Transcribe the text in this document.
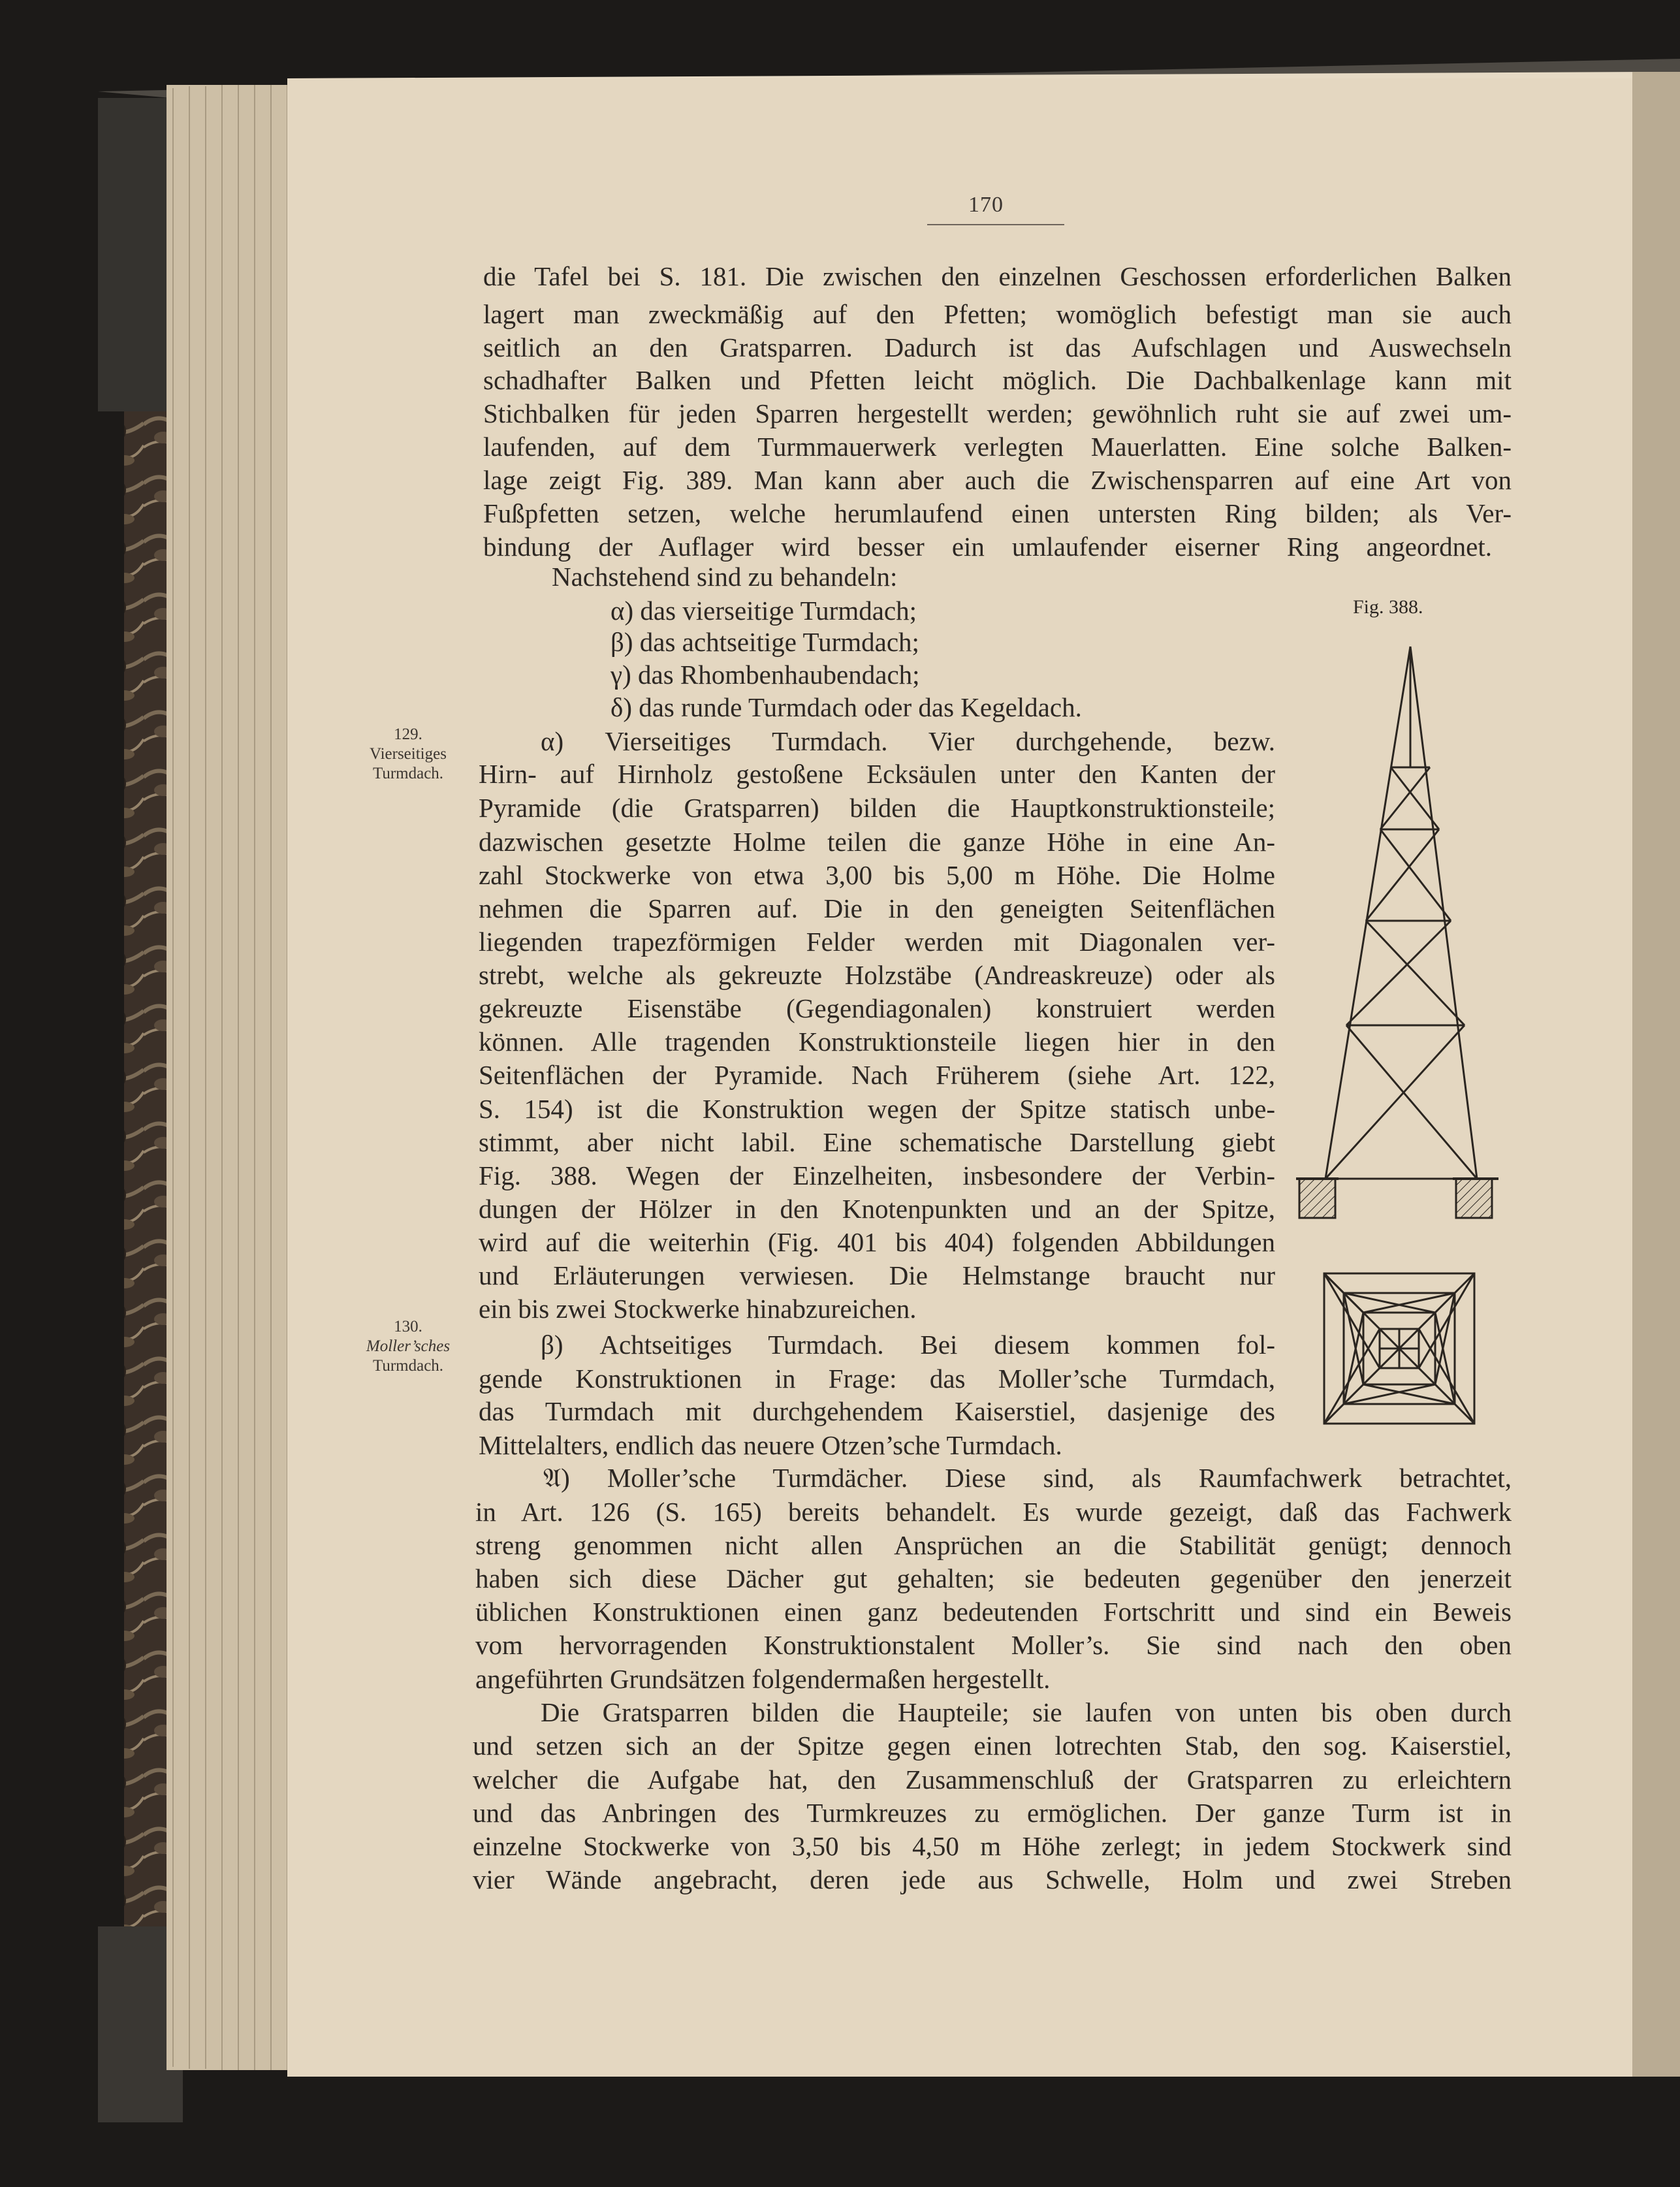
170
129.
Vierseitiges
Turmdach.
130.
Moller’sches
Turmdach.
die Tafel bei S. 181. Die zwischen den einzelnen Geschossen erforderlichen Balken
lagert man zweckmäßig auf den Pfetten; womöglich befestigt man sie auch
seitlich an den Gratsparren. Dadurch ist das Aufschlagen und Auswechseln
schadhafter Balken und Pfetten leicht möglich. Die Dachbalkenlage kann mit
Stichbalken für jeden Sparren hergestellt werden; gewöhnlich ruht sie auf zwei um-
laufenden, auf dem Turmmauerwerk verlegten Mauerlatten. Eine solche Balken-
lage zeigt Fig. 389. Man kann aber auch die Zwischensparren auf eine Art von
Fußpfetten setzen, welche herumlaufend einen untersten Ring bilden; als Ver-
bindung der Auflager wird besser ein umlaufender eiserner Ring angeordnet.
Nachstehend sind zu behandeln:
α) das vierseitige Turmdach;
β) das achtseitige Turmdach;
γ) das Rhombenhaubendach;
δ) das runde Turmdach oder das Kegeldach.
α) Vierseitiges Turmdach. Vier durchgehende, bezw.
Hirn- auf Hirnholz gestoßene Ecksäulen unter den Kanten der
Pyramide (die Gratsparren) bilden die Hauptkonstruktionsteile;
dazwischen gesetzte Holme teilen die ganze Höhe in eine An-
zahl Stockwerke von etwa 3,00 bis 5,00 m Höhe. Die Holme
nehmen die Sparren auf. Die in den geneigten Seitenflächen
liegenden trapezförmigen Felder werden mit Diagonalen ver-
strebt, welche als gekreuzte Holzstäbe (Andreaskreuze) oder als
gekreuzte Eisenstäbe (Gegendiagonalen) konstruiert werden
können. Alle tragenden Konstruktionsteile liegen hier in den
Seitenflächen der Pyramide. Nach Früherem (siehe Art. 122,
S. 154) ist die Konstruktion wegen der Spitze statisch unbe-
stimmt, aber nicht labil. Eine schematische Darstellung giebt
Fig. 388. Wegen der Einzelheiten, insbesondere der Verbin-
dungen der Hölzer in den Knotenpunkten und an der Spitze,
wird auf die weiterhin (Fig. 401 bis 404) folgenden Abbildungen
und Erläuterungen verwiesen. Die Helmstange braucht nur
ein bis zwei Stockwerke hinabzureichen.
β) Achtseitiges Turmdach. Bei diesem kommen fol-
gende Konstruktionen in Frage: das Moller’sche Turmdach,
das Turmdach mit durchgehendem Kaiserstiel, dasjenige des
Mittelalters, endlich das neuere Otzen’sche Turmdach.
𝔄) Moller’sche Turmdächer. Diese sind, als Raumfachwerk betrachtet,
in Art. 126 (S. 165) bereits behandelt. Es wurde gezeigt, daß das Fachwerk
streng genommen nicht allen Ansprüchen an die Stabilität genügt; dennoch
haben sich diese Dächer gut gehalten; sie bedeuten gegenüber den jenerzeit
üblichen Konstruktionen einen ganz bedeutenden Fortschritt und sind ein Beweis
vom hervorragenden Konstruktionstalent Moller’s. Sie sind nach den oben
angeführten Grundsätzen folgendermaßen hergestellt.
Die Gratsparren bilden die Haupteile; sie laufen von unten bis oben durch
und setzen sich an der Spitze gegen einen lotrechten Stab, den sog. Kaiserstiel,
welcher die Aufgabe hat, den Zusammenschluß der Gratsparren zu erleichtern
und das Anbringen des Turmkreuzes zu ermöglichen. Der ganze Turm ist in
einzelne Stockwerke von 3,50 bis 4,50 m Höhe zerlegt; in jedem Stockwerk sind
vier Wände angebracht, deren jede aus Schwelle, Holm und zwei Streben
Fig. 388.
